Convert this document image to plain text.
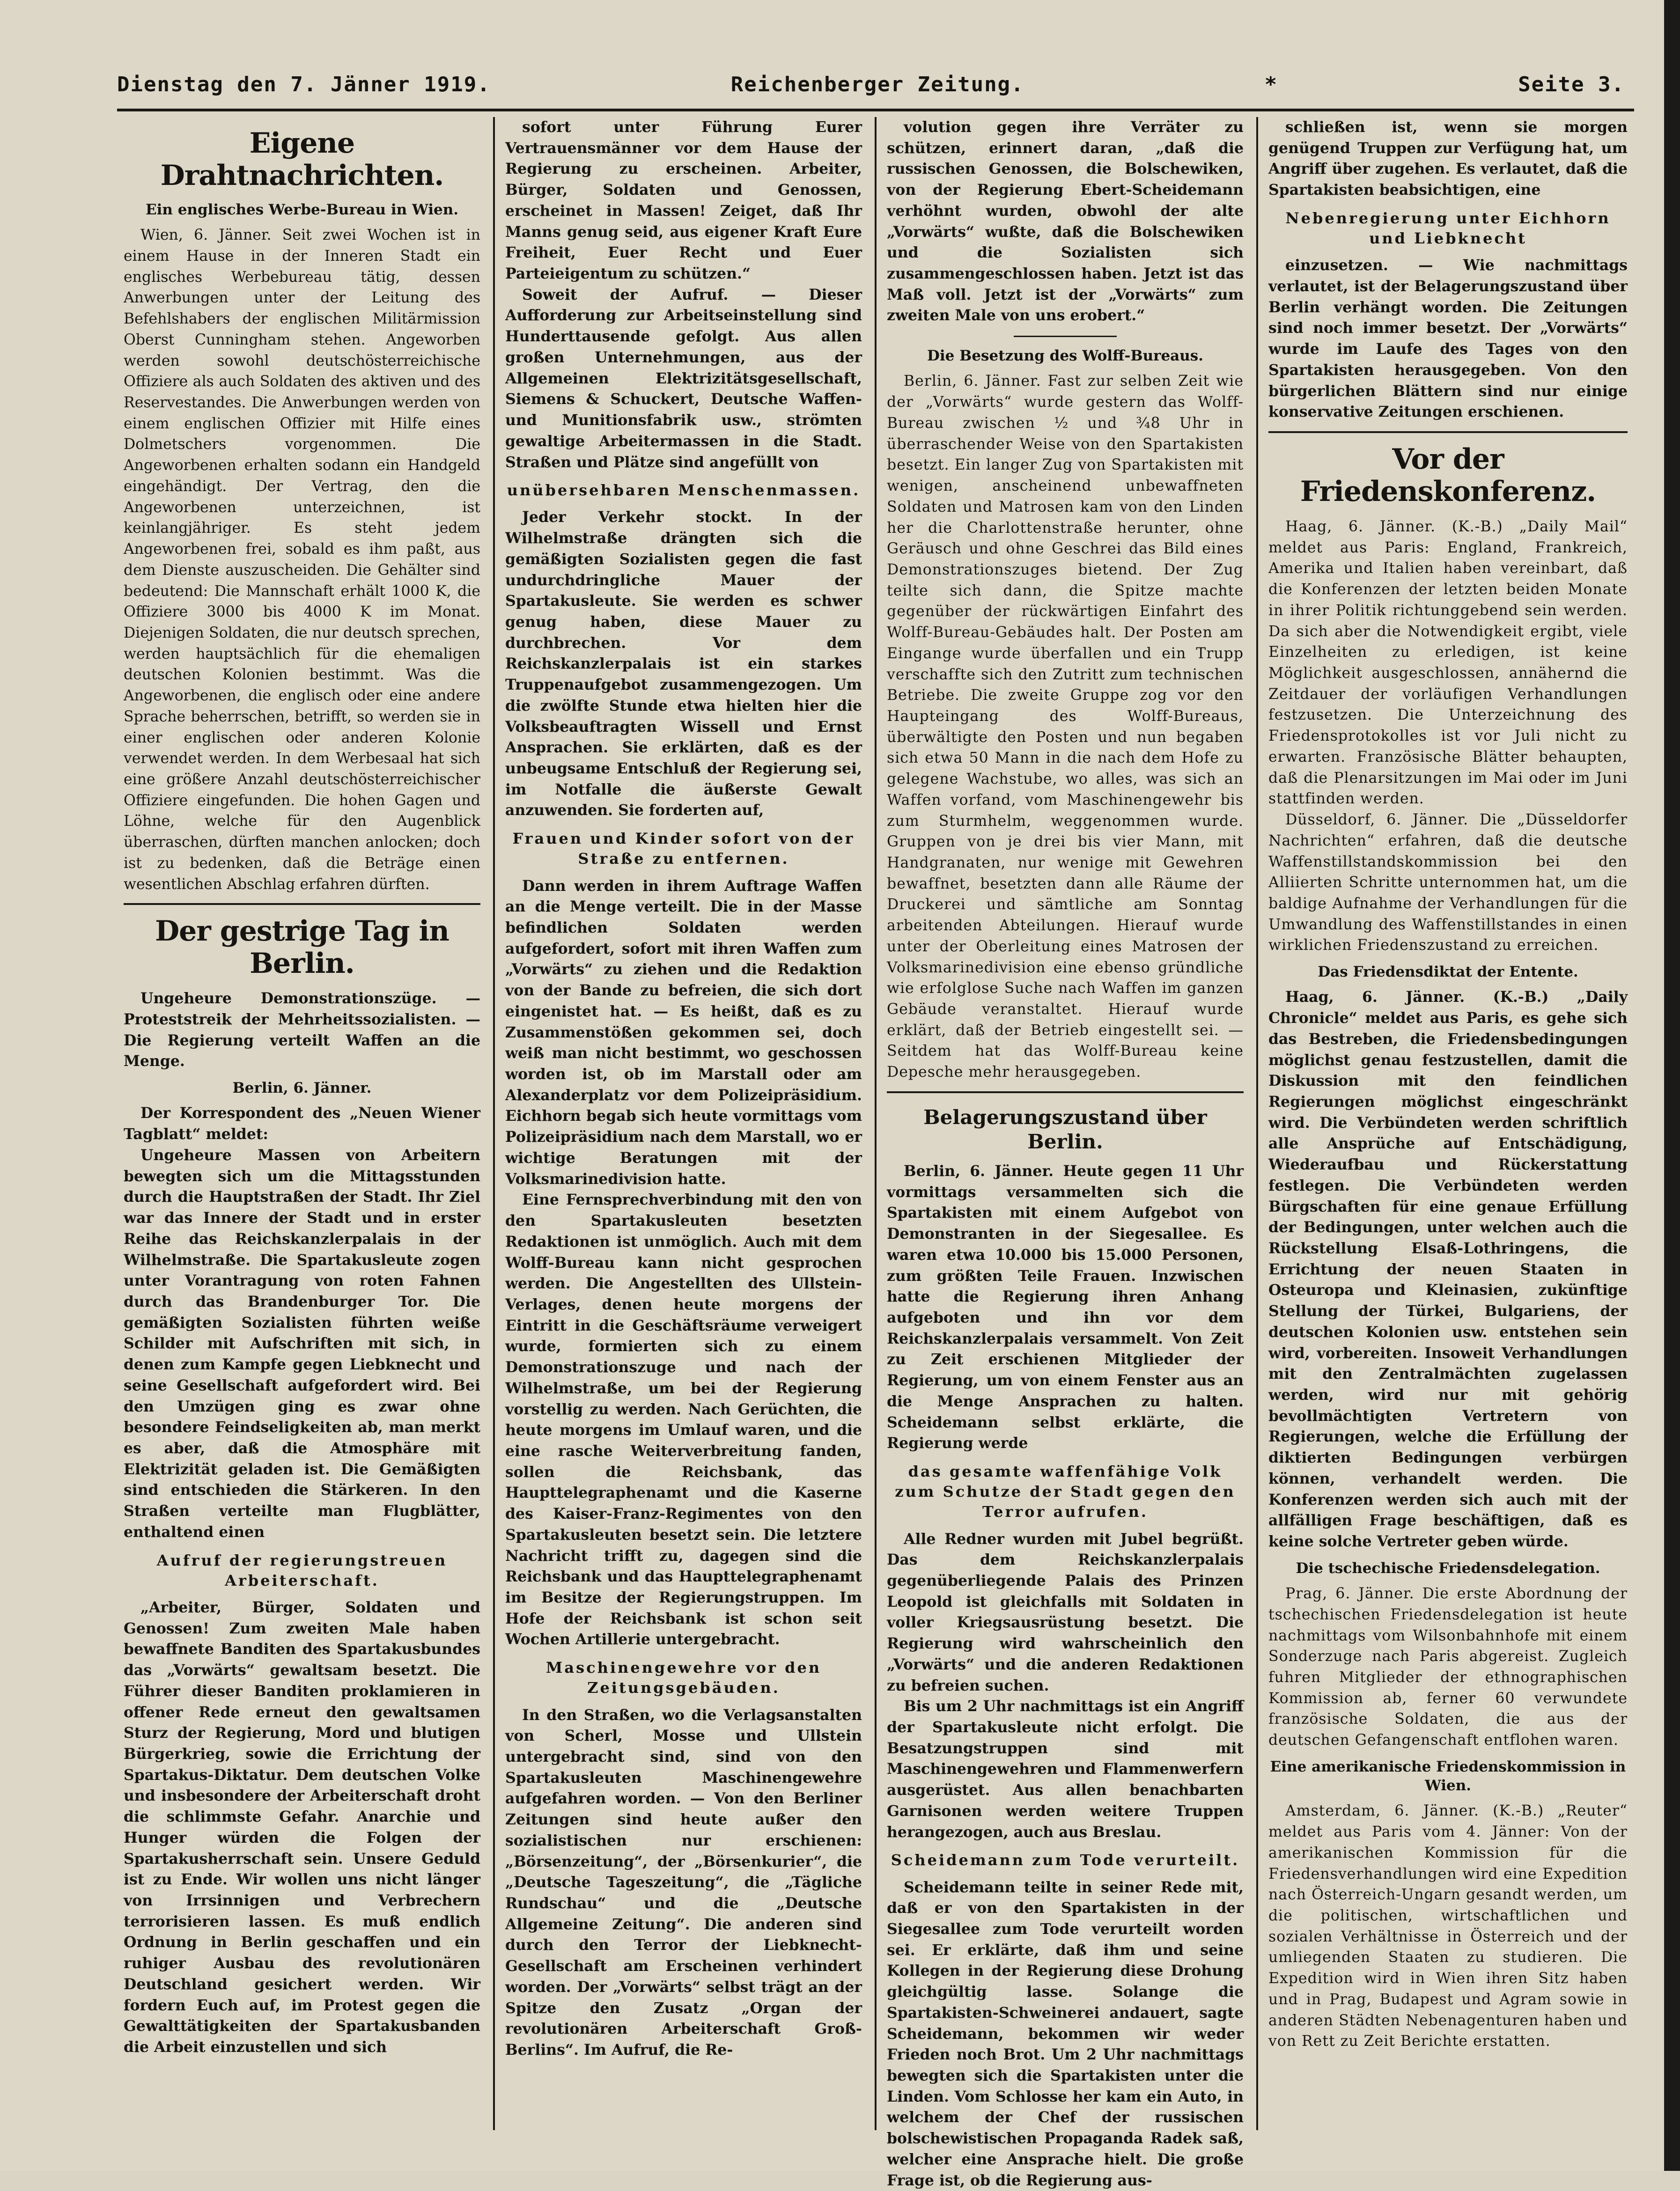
Dienstag den 7. Jänner 1919.	Reichenberger Zeitung.	*	Seite 3.
Eigene Drahtnachrichten.
Ein englisches Werbe-Bureau in Wien.

Wien, 6. Jänner. Seit zwei Wochen ist in einem Hause in der Inneren Stadt ein englisches Werbebureau tätig, dessen Anwerbungen unter der Leitung des Befehlshabers der englischen Militärmission Oberst Cunningham stehen. Angeworben werden sowohl deutschösterreichische Offiziere als auch Soldaten des aktiven und des Reservestandes. Die Anwerbungen werden von einem englischen Offizier mit Hilfe eines Dolmetschers vorgenommen. Die Angeworbenen erhalten sodann ein Handgeld eingehändigt. Der Vertrag, den die Angeworbenen unterzeichnen, ist keinlangjähriger. Es steht jedem Angeworbenen frei, sobald es ihm paßt, aus dem Dienste auszuscheiden. Die Gehälter sind bedeutend: Die Mannschaft erhält 1000 K, die Offiziere 3000 bis 4000 K im Monat. Diejenigen Soldaten, die nur deutsch sprechen, werden hauptsächlich für die ehemaligen deutschen Kolonien bestimmt. Was die Angeworbenen, die englisch oder eine andere Sprache beherrschen, betrifft, so werden sie in einer englischen oder anderen Kolonie verwendet werden. In dem Werbesaal hat sich eine größere Anzahl deutschösterreichischer Offiziere eingefunden. Die hohen Gagen und Löhne, welche für den Augenblick überraschen, dürften manchen anlocken; doch ist zu bedenken, daß die Beträge einen wesentlichen Abschlag erfahren dürften.

Der gestrige Tag in Berlin.

Ungeheure Demonstrationszüge. — Proteststreik der Mehrheitssozialisten. — Die Regierung verteilt Waffen an die Menge.

Berlin, 6. Jänner.

Der Korrespondent des „Neuen Wiener Tagblatt“ meldet:

Ungeheure Massen von Arbeitern bewegten sich um die Mittagsstunden durch die Hauptstraßen der Stadt. Ihr Ziel war das Innere der Stadt und in erster Reihe das Reichskanzlerpalais in der Wilhelmstraße. Die Spartakusleute zogen unter Vorantragung von roten Fahnen durch das Brandenburger Tor. Die gemäßigten Sozialisten führten weiße Schilder mit Aufschriften mit sich, in denen zum Kampfe gegen Liebknecht und seine Gesellschaft aufgefordert wird. Bei den Umzügen ging es zwar ohne besondere Feindseligkeiten ab, man merkt es aber, daß die Atmosphäre mit Elektrizität geladen ist. Die Gemäßigten sind entschieden die Stärkeren. In den Straßen verteilte man Flugblätter, enthaltend einen

Aufruf der regierungstreuen Arbeiterschaft.

„Arbeiter, Bürger, Soldaten und Genossen! Zum zweiten Male haben bewaffnete Banditen des Spartakusbundes das „Vorwärts“ gewaltsam besetzt. Die Führer dieser Banditen proklamieren in offener Rede erneut den gewaltsamen Sturz der Regierung, Mord und blutigen Bürgerkrieg, sowie die Errichtung der Spartakus-Diktatur. Dem deutschen Volke und insbesondere der Arbeiterschaft droht die schlimmste Gefahr. Anarchie und Hunger würden die Folgen der Spartakusherrschaft sein. Unsere Geduld ist zu Ende. Wir wollen uns nicht länger von Irrsinnigen und Verbrechern terrorisieren lassen. Es muß endlich Ordnung in Berlin geschaffen und ein ruhiger Ausbau des revolutionären Deutschland gesichert werden. Wir fordern Euch auf, im Protest gegen die Gewalttätigkeiten der Spartakusbanden die Arbeit einzustellen und sich

sofort unter Führung Eurer Vertrauensmänner vor dem Hause der Regierung zu erscheinen. Arbeiter, Bürger, Soldaten und Genossen, erscheinet in Massen! Zeiget, daß Ihr Manns genug seid, aus eigener Kraft Eure Freiheit, Euer Recht und Euer Parteieigentum zu schützen.“

Soweit der Aufruf. — Dieser Aufforderung zur Arbeitseinstellung sind Hunderttausende gefolgt. Aus allen großen Unternehmungen, aus der Allgemeinen Elektrizitätsgesellschaft, Siemens & Schuckert, Deutsche Waffen- und Munitionsfabrik usw., strömten gewaltige Arbeitermassen in die Stadt. Straßen und Plätze sind angefüllt von

unübersehbaren Menschenmassen.

Jeder Verkehr stockt. In der Wilhelmstraße drängten sich die gemäßigten Sozialisten gegen die fast undurchdringliche Mauer der Spartakusleute. Sie werden es schwer genug haben, diese Mauer zu durchbrechen. Vor dem Reichskanzlerpalais ist ein starkes Truppenaufgebot zusammengezogen. Um die zwölfte Stunde etwa hielten hier die Volksbeauftragten Wissell und Ernst Ansprachen. Sie erklärten, daß es der unbeugsame Entschluß der Regierung sei, im Notfalle die äußerste Gewalt anzuwenden. Sie forderten auf,

Frauen und Kinder sofort von der Straße zu entfernen.

Dann werden in ihrem Auftrage Waffen an die Menge verteilt. Die in der Masse befindlichen Soldaten werden aufgefordert, sofort mit ihren Waffen zum „Vorwärts“ zu ziehen und die Redaktion von der Bande zu befreien, die sich dort eingenistet hat. — Es heißt, daß es zu Zusammenstößen gekommen sei, doch weiß man nicht bestimmt, wo geschossen worden ist, ob im Marstall oder am Alexanderplatz vor dem Polizeipräsidium. Eichhorn begab sich heute vormittags vom Polizeipräsidium nach dem Marstall, wo er wichtige Beratungen mit der Volksmarinedivision hatte.

Eine Fernsprechverbindung mit den von den Spartakusleuten besetzten Redaktionen ist unmöglich. Auch mit dem Wolff-Bureau kann nicht gesprochen werden. Die Angestellten des Ullstein-Verlages, denen heute morgens der Eintritt in die Geschäftsräume verweigert wurde, formierten sich zu einem Demonstrationszuge und nach der Wilhelmstraße, um bei der Regierung vorstellig zu werden. Nach Gerüchten, die heute morgens im Umlauf waren, und die eine rasche Weiterverbreitung fanden, sollen die Reichsbank, das Haupttelegraphenamt und die Kaserne des Kaiser-Franz-Regimentes von den Spartakusleuten besetzt sein. Die letztere Nachricht trifft zu, dagegen sind die Reichsbank und das Haupttelegraphenamt im Besitze der Regierungstruppen. Im Hofe der Reichsbank ist schon seit Wochen Artillerie untergebracht.

Maschinengewehre vor den Zeitungsgebäuden.

In den Straßen, wo die Verlagsanstalten von Scherl, Mosse und Ullstein untergebracht sind, sind von den Spartakusleuten Maschinengewehre aufgefahren worden. — Von den Berliner Zeitungen sind heute außer den sozialistischen nur erschienen: „Börsenzeitung“, der „Börsenkurier“, die „Deutsche Tageszeitung“, die „Tägliche Rundschau“ und die „Deutsche Allgemeine Zeitung“. Die anderen sind durch den Terror der Liebknecht-Gesellschaft am Erscheinen verhindert worden. Der „Vorwärts“ selbst trägt an der Spitze den Zusatz „Organ der revolutionären Arbeiterschaft Groß-Berlins“. Im Aufruf, die Re-

volution gegen ihre Verräter zu schützen, erinnert daran, „daß die russischen Genossen, die Bolschewiken, von der Regierung Ebert-Scheidemann verhöhnt wurden, obwohl der alte „Vorwärts“ wußte, daß die Bolschewiken und die Sozialisten sich zusammengeschlossen haben. Jetzt ist das Maß voll. Jetzt ist der „Vorwärts“ zum zweiten Male von uns erobert.“

Die Besetzung des Wolff-Bureaus.

Berlin, 6. Jänner. Fast zur selben Zeit wie der „Vorwärts“ wurde gestern das Wolff-Bureau zwischen ½ und ¾8 Uhr in überraschender Weise von den Spartakisten besetzt. Ein langer Zug von Spartakisten mit wenigen, anscheinend unbewaffneten Soldaten und Matrosen kam von den Linden her die Charlottenstraße herunter, ohne Geräusch und ohne Geschrei das Bild eines Demonstrationszuges bietend. Der Zug teilte sich dann, die Spitze machte gegenüber der rückwärtigen Einfahrt des Wolff-Bureau-Gebäudes halt. Der Posten am Eingange wurde überfallen und ein Trupp verschaffte sich den Zutritt zum technischen Betriebe. Die zweite Gruppe zog vor den Haupteingang des Wolff-Bureaus, überwältigte den Posten und nun begaben sich etwa 50 Mann in die nach dem Hofe zu gelegene Wachstube, wo alles, was sich an Waffen vorfand, vom Maschinengewehr bis zum Sturmhelm, weggenommen wurde. Gruppen von je drei bis vier Mann, mit Handgranaten, nur wenige mit Gewehren bewaffnet, besetzten dann alle Räume der Druckerei und sämtliche am Sonntag arbeitenden Abteilungen. Hierauf wurde unter der Oberleitung eines Matrosen der Volksmarinedivision eine ebenso gründliche wie erfolglose Suche nach Waffen im ganzen Gebäude veranstaltet. Hierauf wurde erklärt, daß der Betrieb eingestellt sei. — Seitdem hat das Wolff-Bureau keine Depesche mehr herausgegeben.

Belagerungszustand über Berlin.

Berlin, 6. Jänner. Heute gegen 11 Uhr vormittags versammelten sich die Spartakisten mit einem Aufgebot von Demonstranten in der Siegesallee. Es waren etwa 10.000 bis 15.000 Personen, zum größten Teile Frauen. Inzwischen hatte die Regierung ihren Anhang aufgeboten und ihn vor dem Reichskanzlerpalais versammelt. Von Zeit zu Zeit erschienen Mitglieder der Regierung, um von einem Fenster aus an die Menge Ansprachen zu halten. Scheidemann selbst erklärte, die Regierung werde

das gesamte waffenfähige Volk zum Schutze der Stadt gegen den Terror aufrufen.

Alle Redner wurden mit Jubel begrüßt. Das dem Reichskanzlerpalais gegenüberliegende Palais des Prinzen Leopold ist gleichfalls mit Soldaten in voller Kriegsausrüstung besetzt. Die Regierung wird wahrscheinlich den „Vorwärts“ und die anderen Redaktionen zu befreien suchen.

Bis um 2 Uhr nachmittags ist ein Angriff der Spartakusleute nicht erfolgt. Die Besatzungstruppen sind mit Maschinengewehren und Flammenwerfern ausgerüstet. Aus allen benachbarten Garnisonen werden weitere Truppen herangezogen, auch aus Breslau.

Scheidemann zum Tode verurteilt.

Scheidemann teilte in seiner Rede mit, daß er von den Spartakisten in der Siegesallee zum Tode verurteilt worden sei. Er erklärte, daß ihm und seine Kollegen in der Regierung diese Drohung gleichgültig lasse. Solange die Spartakisten-Schweinerei andauert, sagte Scheidemann, bekommen wir weder Frieden noch Brot. Um 2 Uhr nachmittags bewegten sich die Spartakisten unter die Linden. Vom Schlosse her kam ein Auto, in welchem der Chef der russischen bolschewistischen Propaganda Radek saß, welcher eine Ansprache hielt. Die große Frage ist, ob die Regierung aus-

schließen ist, wenn sie morgen genügend Truppen zur Verfügung hat, um Angriff über zugehen. Es verlautet, daß die Spartakisten beabsichtigen, eine

Nebenregierung unter Eichhorn und Liebknecht

einzusetzen. — Wie nachmittags verlautet, ist der Belagerungszustand über Berlin verhängt worden. Die Zeitungen sind noch immer besetzt. Der „Vorwärts“ wurde im Laufe des Tages von den Spartakisten herausgegeben. Von den bürgerlichen Blättern sind nur einige konservative Zeitungen erschienen.

Vor der Friedenskonferenz.

Haag, 6. Jänner. (K.-B.) „Daily Mail“ meldet aus Paris: England, Frankreich, Amerika und Italien haben vereinbart, daß die Konferenzen der letzten beiden Monate in ihrer Politik richtunggebend sein werden. Da sich aber die Notwendigkeit ergibt, viele Einzelheiten zu erledigen, ist keine Möglichkeit ausgeschlossen, annähernd die Zeitdauer der vorläufigen Verhandlungen festzusetzen. Die Unterzeichnung des Friedensprotokolles ist vor Juli nicht zu erwarten. Französische Blätter behaupten, daß die Plenarsitzungen im Mai oder im Juni stattfinden werden.

Düsseldorf, 6. Jänner. Die „Düsseldorfer Nachrichten“ erfahren, daß die deutsche Waffenstillstandskommission bei den Alliierten Schritte unternommen hat, um die baldige Aufnahme der Verhandlungen für die Umwandlung des Waffenstillstandes in einen wirklichen Friedenszustand zu erreichen.

Das Friedensdiktat der Entente.

Haag, 6. Jänner. (K.-B.) „Daily Chronicle“ meldet aus Paris, es gehe sich das Bestreben, die Friedensbedingungen möglichst genau festzustellen, damit die Diskussion mit den feindlichen Regierungen möglichst eingeschränkt wird. Die Verbündeten werden schriftlich alle Ansprüche auf Entschädigung, Wiederaufbau und Rückerstattung festlegen. Die Verbündeten werden Bürgschaften für eine genaue Erfüllung der Bedingungen, unter welchen auch die Rückstellung Elsaß-Lothringens, die Errichtung der neuen Staaten in Osteuropa und Kleinasien, zukünftige Stellung der Türkei, Bulgariens, der deutschen Kolonien usw. entstehen sein wird, vorbereiten. Insoweit Verhandlungen mit den Zentralmächten zugelassen werden, wird nur mit gehörig bevollmächtigten Vertretern von Regierungen, welche die Erfüllung der diktierten Bedingungen verbürgen können, verhandelt werden. Die Konferenzen werden sich auch mit der allfälligen Frage beschäftigen, daß es keine solche Vertreter geben würde.

Die tschechische Friedensdelegation.

Prag, 6. Jänner. Die erste Abordnung der tschechischen Friedensdelegation ist heute nachmittags vom Wilsonbahnhofe mit einem Sonderzuge nach Paris abgereist. Zugleich fuhren Mitglieder der ethnographischen Kommission ab, ferner 60 verwundete französische Soldaten, die aus der deutschen Gefangenschaft entflohen waren.

Eine amerikanische Friedenskommission in Wien.

Amsterdam, 6. Jänner. (K.-B.) „Reuter“ meldet aus Paris vom 4. Jänner: Von der amerikanischen Kommission für die Friedensverhandlungen wird eine Expedition nach Österreich-Ungarn gesandt werden, um die politischen, wirtschaftlichen und sozialen Verhältnisse in Österreich und der umliegenden Staaten zu studieren. Die Expedition wird in Wien ihren Sitz haben und in Prag, Budapest und Agram sowie in anderen Städten Nebenagenturen haben und von Rett zu Zeit Berichte erstatten.
